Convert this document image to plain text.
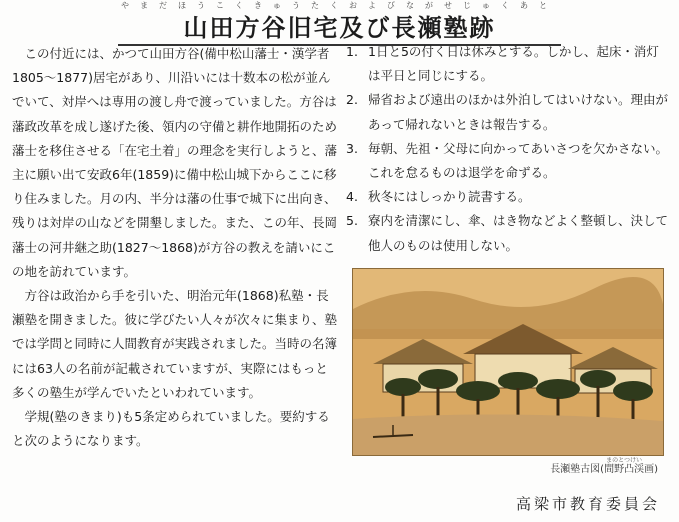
やまだほうこくきゅうたくおよびながせじゅくあと
山田方谷旧宅及び長瀬塾跡

この付近には、かつて山田方谷(備中松山藩士・漢学者1805〜1877)居宅があり、川沿いには十数本の松が並んでいて、対岸へは専用の渡し舟で渡っていました。方谷は藩政改革を成し遂げた後、領内の守備と耕作地開拓のため藩士を移住させる「在宅土着」の理念を実行しようと、藩主に願い出て安政6年(1859)に備中松山城下からここに移り住みました。月の内、半分は藩の仕事で城下に出向き、残りは対岸の山などを開墾しました。また、この年、長岡藩士の河井継之助(1827〜1868)が方谷の教えを請いにこの地を訪れています。

方谷は政治から手を引いた、明治元年(1868)私塾・長瀬塾を開きました。彼に学びたい人々が次々に集まり、塾では学問と同時に人間教育が実践されました。当時の名簿には63人の名前が記載されていますが、実際にはもっと多くの塾生が学んでいたといわれています。

学規(塾のきまり)も5条定められていました。要約すると次のようになります。

1. 1日と5の付く日は休みとする。しかし、起床・消灯は平日と同じにする。
2. 帰省および遠出のほかは外泊してはいけない。理由があって帰れないときは報告する。
3. 毎朝、先祖・父母に向かってあいさつを欠かさない。これを怠るものは退学を命ずる。
4. 秋冬にはしっかり読書する。
5. 寮内を清潔にし、傘、はき物などよく整頓し、決して他人のものは使用しない。
まのとつけい
長瀬塾古図(間野凸渓画)
高梁市教育委員会
